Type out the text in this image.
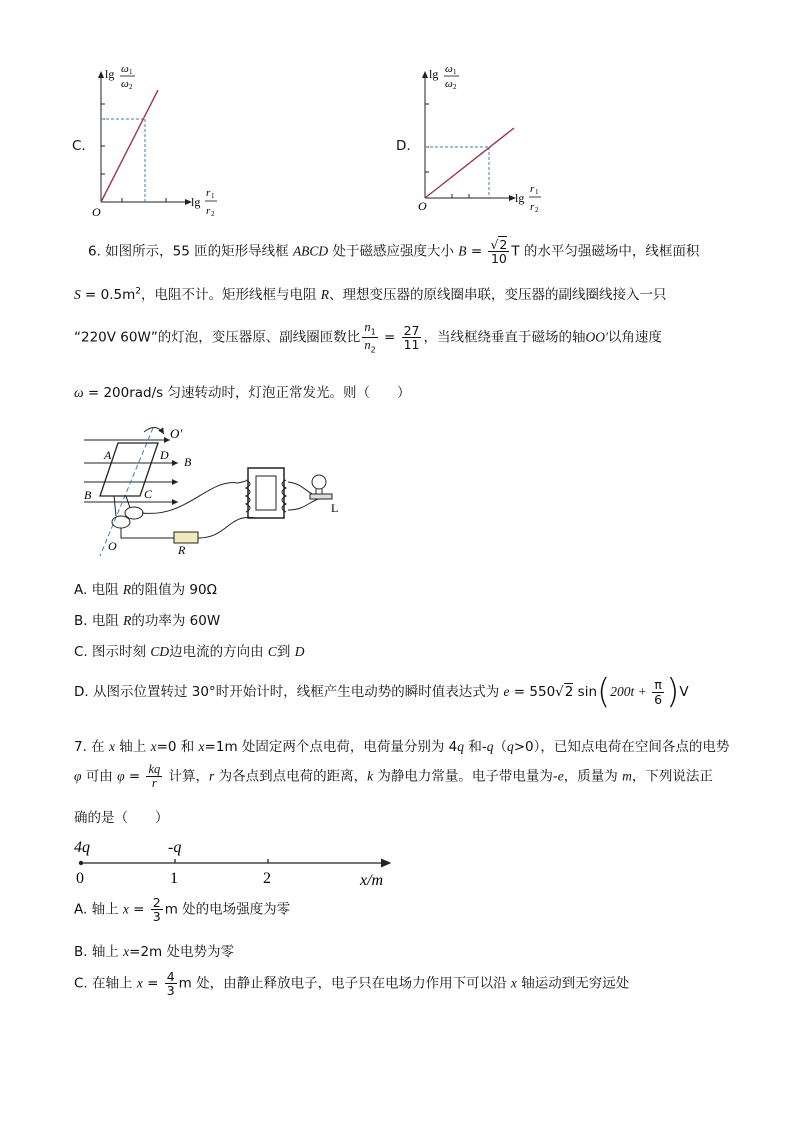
C.
lg ω 1
ω 2
lg
r 1
r 2
O
D.
lg ω 1
ω 2
lg
r 1
r 2
O
6. 如图所示，55 匝的矩形导线框 ABCD 处于磁感应强度大小 $B = \frac{√2}{10}$ T 的水平匀强磁场中，线框面积
$S = 0.5m^2$，电阻不计。矩形线框与电阻 R、理想变压器的原线圈串联，变压器的副线圈线接入一只
“220V 60W”的灯泡，变压器原、副线圈匝数比 $\frac{n_1}{n_2} = \frac{27}{11}$ ，当线框绕垂直于磁场的轴OO′以角速度
ω = 200rad/s 匀速转动时，灯泡正常发光。则（　　）
O′
A	D B
B	C
O	R
L
A. 电阻 R的阻值为 90Ω
B. 电阻 R的功率为 60W
C. 图示时刻 CD边电流的方向由 C到 D
D. 从图示位置转过 30°时开始计时，线框产生电动势的瞬时值表达式为 e = 550√2 $\sin(200t + \frac{\pi}{6} )V$
7. 在 x 轴上 x=0 和 x=1m 处固定两个点电荷，电荷量分别为 4q 和-q（q>0），已知点电荷在空间各点的电势
φ 可由 $\varphi = \frac{kq}{r}$ 计算，r 为各点到点电荷的距离，k 为静电力常量。电子带电量为-e，质量为 m，下列说法正
确的是（　　）
4q	-q
0	1	2	x/m
A. 轴上 $x = \frac{2}{3}$ m 处的电场强度为零
B. 轴上 x=2m 处电势为零
C. 在轴上 $x = \frac{4}{3}$ m 处，由静止释放电子，电子只在电场力作用下可以沿 x 轴运动到无穷远处
